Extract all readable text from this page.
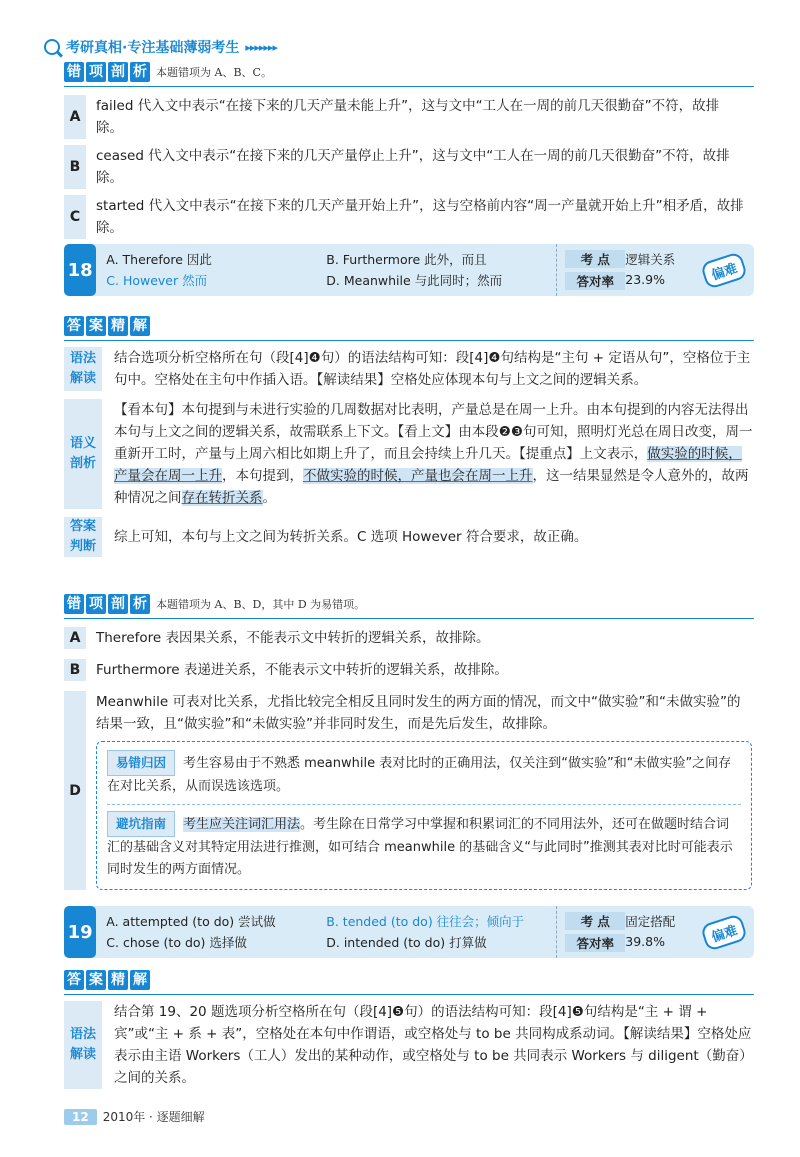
考研真相·专注基础薄弱考生 ▸▸▸▸▸▸▸
错 项 剖 析 本题错项为 A、B、C。
A
failed 代入文中表示“在接下来的几天产量未能上升”，这与文中“工人在一周的前几天很勤奋”不符，故排除。
B
ceased 代入文中表示“在接下来的几天产量停止上升”，这与文中“工人在一周的前几天很勤奋”不符，故排除。
C
started 代入文中表示“在接下来的几天产量开始上升”，这与空格前内容“周一产量就开始上升”相矛盾，故排除。
18 A. Therefore 因此	B. Furthermore 此外，而且
C. However 然而	D. Meanwhile 与此同时；然而
考 点	逻辑关系
答对率 23.9%	偏难
答 案 精 解
语法
解读
结合选项分析空格所在句（段[4]❹句）的语法结构可知：段[4]❹句结构是“主句 + 定语从句”，空格位于主句中。空格处在主句中作插入语。【解读结果】空格处应体现本句与上文之间的逻辑关系。
语义
剖析
【看本句】本句提到与未进行实验的几周数据对比表明，产量总是在周一上升。由本句提到的内容无法得出本句与上文之间的逻辑关系，故需联系上下文。【看上文】由本段❷❸句可知，照明灯光总在周日改变，周一重新开工时，产量与上周六相比如期上升了，而且会持续上升几天。【提重点】上文表示，做实验的时候，产量会在周一上升，本句提到，不做实验的时候，产量也会在周一上升，这一结果显然是令人意外的，故两种情况之间存在转折关系。
答案
判断
综上可知，本句与上文之间为转折关系。C 选项 However 符合要求，故正确。
错 项 剖 析 本题错项为 A、B、D，其中 D 为易错项。
A	Therefore 表因果关系，不能表示文中转折的逻辑关系，故排除。
B	Furthermore 表递进关系，不能表示文中转折的逻辑关系，故排除。
D
Meanwhile 可表对比关系，尤指比较完全相反且同时发生的两方面的情况，而文中“做实验”和“未做实验”的结果一致，且“做实验”和“未做实验”并非同时发生，而是先后发生，故排除。
易错归因 考生容易由于不熟悉 meanwhile 表对比时的正确用法，仅关注到“做实验”和“未做实验”之间存在对比关系，从而误选该选项。
避坑指南 考生应关注词汇用法。考生除在日常学习中掌握和积累词汇的不同用法外，还可在做题时结合词汇的基础含义对其特定用法进行推测，如可结合 meanwhile 的基础含义“与此同时”推测其表对比时可能表示同时发生的两方面情况。
19 A. attempted (to do) 尝试做	B. tended (to do) 往往会；倾向于
C. chose (to do) 选择做	D. intended (to do) 打算做
考 点	固定搭配
答对率 39.8%	偏难
答 案 精 解
语法
解读
结合第 19、20 题选项分析空格所在句（段[4]❺句）的语法结构可知：段[4]❺句结构是“主 + 谓 + 宾”或“主 + 系 + 表”，空格处在本句中作谓语，或空格处与 to be 共同构成系动词。【解读结果】空格处应表示由主语 Workers（工人）发出的某种动作，或空格处与 to be 共同表示 Workers 与 diligent（勤奋）之间的关系。
12	2010年 · 逐题细解
